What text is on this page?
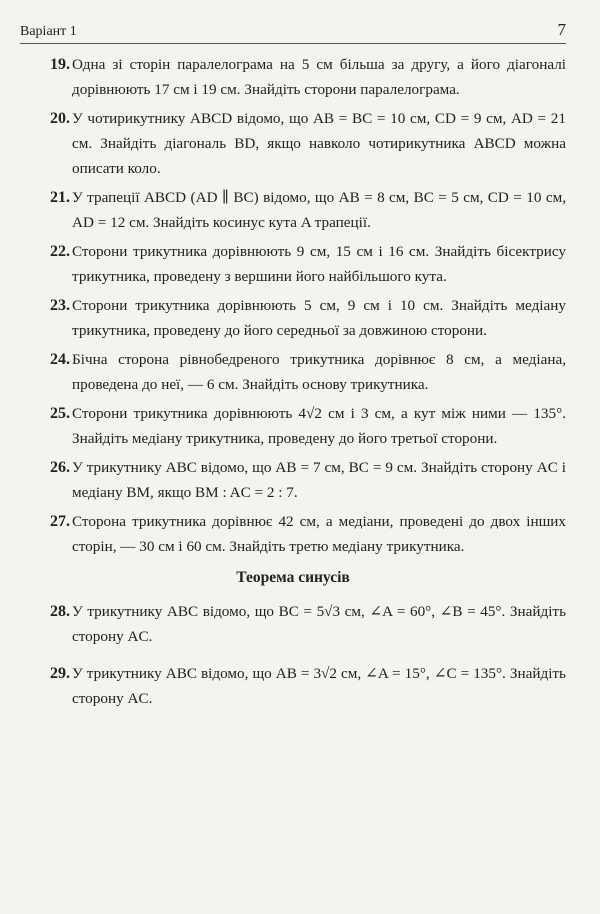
Варіант 1	7
19 . Одна зі сторін паралелограма на 5 см більша за другу, а його діагоналі дорівнюють 17 см і 19 см. Знайдіть сторони паралелограма.
20 . У чотирикутнику ABCD відомо, що AB = BC = 10 см, CD = 9 см, AD = 21 см. Знайдіть діагональ BD, якщо навколо чотирикутника ABCD можна описати коло.
21 . У трапеції ABCD (AD ∥ BC) відомо, що AB = 8 см, BC = 5 см, CD = 10 см, AD = 12 см. Знайдіть косинус кута A трапеції.
22 . Сторони трикутника дорівнюють 9 см, 15 см і 16 см. Знайдіть бісектрису трикутника, проведену з вершини його найбільшого кута.
23 . Сторони трикутника дорівнюють 5 см, 9 см і 10 см. Знайдіть медіану трикутника, проведену до його середньої за довжиною сторони.
24 . Бічна сторона рівнобедреного трикутника дорівнює 8 см, а медіана, проведена до неї, — 6 см. Знайдіть основу трикутника.
25 . Сторони трикутника дорівнюють 4√2 см і 3 см, а кут між ними — 135°. Знайдіть медіану трикутника, проведену до його третьої сторони.
26 . У трикутнику ABC відомо, що AB = 7 см, BC = 9 см. Знайдіть сторону AC і медіану BM, якщо BM : AC = 2 : 7.
27 . Сторона трикутника дорівнює 42 см, а медіани, проведені до двох інших сторін, — 30 см і 60 см. Знайдіть третю медіану трикутника.
Теорема синусів
28 . У трикутнику ABC відомо, що BC = 5√3 см, ∠A = 60°, ∠B = 45°. Знайдіть сторону AC.
29 . У трикутнику ABC відомо, що AB = 3√2 см, ∠A = 15°, ∠C = 135°. Знайдіть сторону AC.
